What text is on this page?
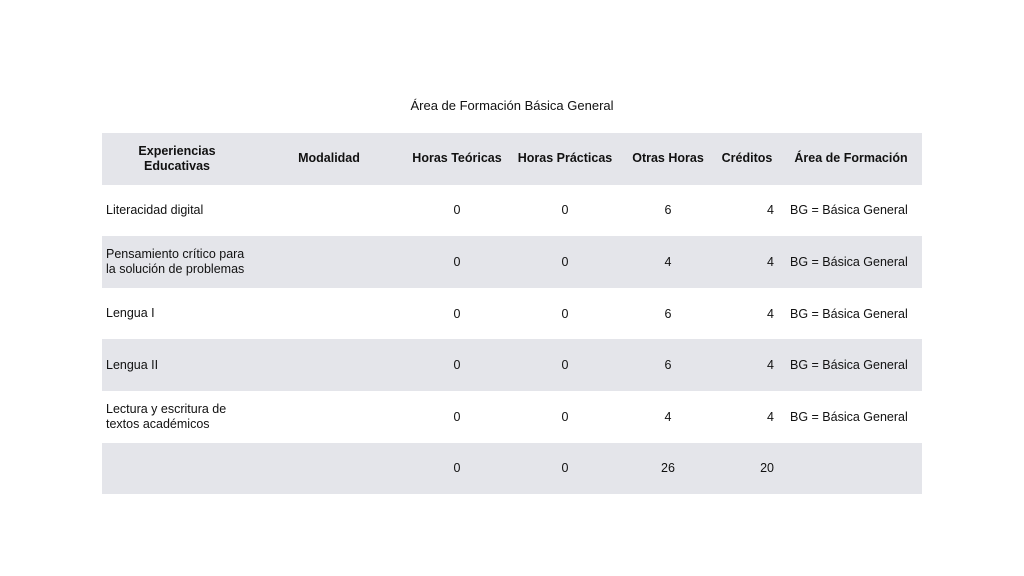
Área de Formación Básica General
Experiencias Educativas	Modalidad	Horas Teóricas	Horas Prácticas	Otras Horas	Créditos	Área de Formación
Literacidad digital		0	0	6	4	BG = Básica General
Pensamiento crítico para la solución de problemas		0	0	4	4	BG = Básica General
Lengua I		0	0	6	4	BG = Básica General
Lengua II		0	0	6	4	BG = Básica General
Lectura y escritura de textos académicos		0	0	4	4	BG = Básica General
		0	0	26	20	
